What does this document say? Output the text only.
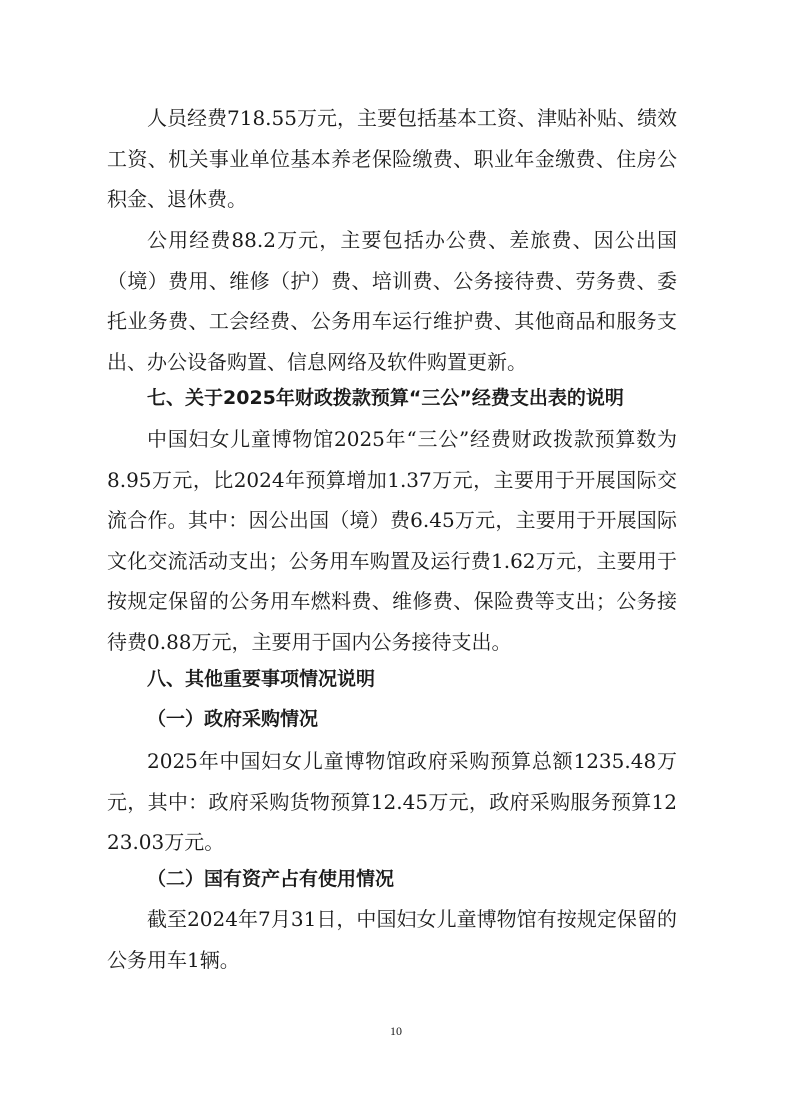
人员经费718.55万元，主要包括基本工资、津贴补贴、绩效工资、机关事业单位基本养老保险缴费、职业年金缴费、住房公积金、退休费。

公用经费88.2万元，主要包括办公费、差旅费、因公出国（境）费用、维修（护）费、培训费、公务接待费、劳务费、委托业务费、工会经费、公务用车运行维护费、其他商品和服务支出、办公设备购置、信息网络及软件购置更新。

七、关于2025年财政拨款预算“三公”经费支出表的说明

中国妇女儿童博物馆2025年“三公”经费财政拨款预算数为8.95万元，比2024年预算增加1.37万元，主要用于开展国际交流合作。其中：因公出国（境）费6.45万元，主要用于开展国际文化交流活动支出；公务用车购置及运行费1.62万元，主要用于按规定保留的公务用车燃料费、维修费、保险费等支出；公务接待费0.88万元，主要用于国内公务接待支出。

八、其他重要事项情况说明
（一）政府采购情况

2025年中国妇女儿童博物馆政府采购预算总额1235.48万元，其中：政府采购货物预算12.45万元，政府采购服务预算1223.03万元。

（二）国有资产占有使用情况

截至2024年7月31日，中国妇女儿童博物馆有按规定保留的公务用车1辆。

10
